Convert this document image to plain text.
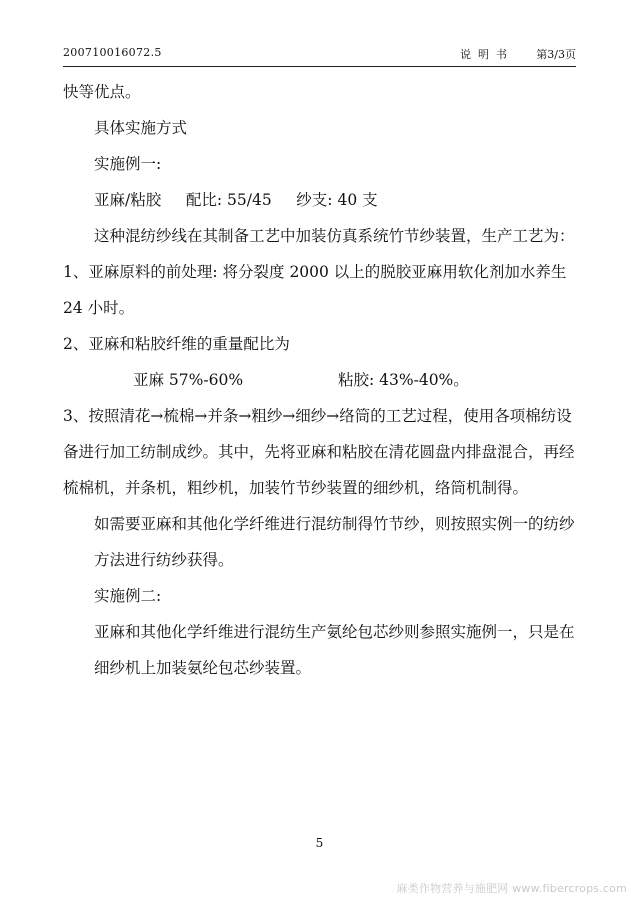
200710016072.5	说明书 第3/3页

快等优点。

具体实施方式

实施例一:

亚麻/粘胶     配比: 55/45     纱支: 40 支

这种混纺纱线在其制备工艺中加装仿真系统竹节纱装置，生产工艺为：

1、亚麻原料的前处理: 将分裂度 2000 以上的脱胶亚麻用软化剂加水养生 24 小时。

2、亚麻和粘胶纤维的重量配比为

亚麻 57%-60%	粘胶: 43%-40%。

3、按照清花→梳棉→并条→粗纱→细纱→络筒的工艺过程，使用各项棉纺设备进行加工纺制成纱。其中，先将亚麻和粘胶在清花圆盘内排盘混合，再经梳棉机，并条机，粗纱机，加装竹节纱装置的细纱机，络筒机制得。

如需要亚麻和其他化学纤维进行混纺制得竹节纱，则按照实例一的纺纱方法进行纺纱获得。

实施例二:

亚麻和其他化学纤维进行混纺生产氨纶包芯纱则参照实施例一，只是在细纱机上加装氨纶包芯纱装置。

5
麻类作物营养与施肥网 www.fibercrops.com
